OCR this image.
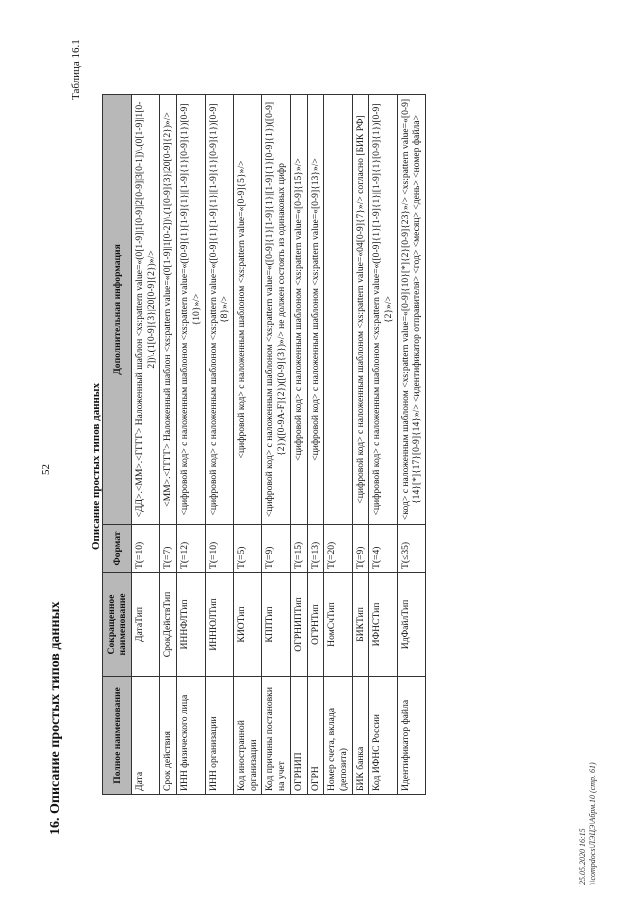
52
16. Описание простых типов данных
Таблица 16.1
Описание простых типов данных
Полное наименование	Сокращенное наименование	Формат	Дополнительная информация
Дата	ДатаТип	T(=10)	<ДД>.<ММ>.<ГГГГ> Наложенный шаблон <xs:pattern value=«(0[1-9]|1[0-9]|2[0-9]|3[0-1])\.(0[1-9]|1[0-2])\.(1[0-9]{3}|20[0-9]{2})»/>
Срок действия	СрокДействТип	T(=7)	<ММ>.<ГГГГ> Наложенный шаблон <xs:pattern value=«(0[1-9]|1[0-2])\.(1[0-9]{3}|20[0-9]{2})»/>
ИНН физического лица	ИННФЛТип	T(=12)	<цифровой код> с наложенным шаблоном <xs:pattern value=«([0-9]{1}[1-9]{1}|[1-9]{1}[0-9]{1})[0-9]{10}»/>
ИНН организации	ИННЮЛТип	T(=10)	<цифровой код> с наложенным шаблоном <xs:pattern value=«([0-9]{1}[1-9]{1}|[1-9]{1}[0-9]{1})[0-9]{8}»/>
Код иностранной организации	КИОТип	T(=5)	<цифровой код> с наложенным шаблоном <xs:pattern value=«[0-9]{5}»/>
Код причины постановки на учет	КППТип	T(=9)	<цифровой код> с наложенным шаблоном <xs:pattern value=«([0-9]{1}[1-9]{1}|[1-9]{1}[0-9]{1})([0-9]{2})([0-9A-F]{2})([0-9]{3})»/> не должен состоять из одинаковых цифр
ОГРНИП	ОГРНИПТип	T(=15)	<цифровой код> с наложенным шаблоном <xs:pattern value=«[0-9]{15}»/>
ОГРН	ОГРНТип	T(=13)	<цифровой код> с наложенным шаблоном <xs:pattern value=«[0-9]{13}»/>
Номер счета, вклада (депозита)	НомСчТип	T(=20)	
БИК банка	БИКТип	T(=9)	<цифровой код> с наложенным шаблоном <xs:pattern value=«04[0-9]{7}»/> согласно [БИК РФ]
Код ИФНС России	ИФНСТип	T(=4)	<цифровой код> с наложенным шаблоном <xs:pattern value=«([0-9]{1}[1-9]{1}|[1-9]{1}[0-9]{1})[0-9]{2}»/>
Идентификатор файла	ИдФайлТип	T(≤35)	<код> с наложенным шаблоном <xs:pattern value=«[0-9]{10}[*]{2}[0-9]{23}»/> <xs:pattern value=«[0-9]{14}[*]{17}[0-9]{14}»/> <идентификатор отправителя> <год> <месяц> <день> <номер файла>
25.05.2020 16:15 \\compdocs\ЛЭЦЭ\Абрм.10 (стр. 61)
